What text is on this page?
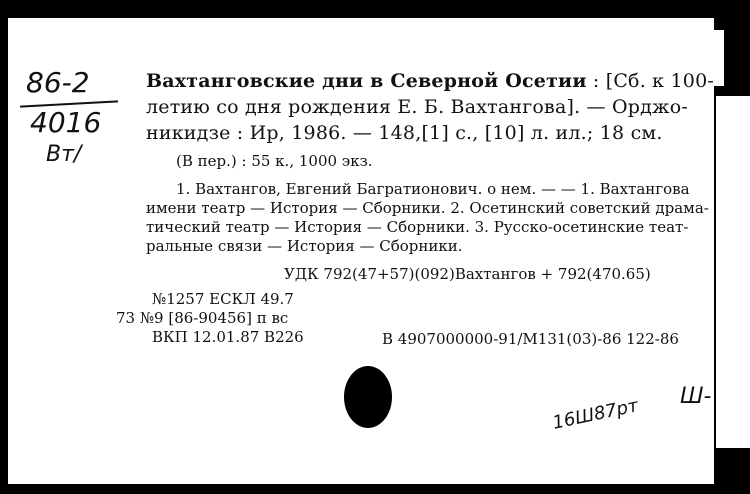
86-2
4016
Вт/
Вахтанговские дни в Северной Осетии : [Сб. к 100-
летию со дня рождения Е. Б. Вахтангова]. — Орджо-
никидзе : Ир, 1986. — 148,[1] с., [10] л. ил.; 18 см.
(В пер.) : 55 к., 1000 экз.
1. Вахтангов, Евгений Багратионович. о нем. — — 1. Вахтангова
имени театр — История — Сборники. 2. Осетинский советский драма-
тический театр — История — Сборники. 3. Русско-осетинские теат-
ральные связи — История — Сборники.
УДК 792(47+57)(092)Вахтангов + 792(470.65)
№1257 ЕСКЛ 49.7
73 №9 [86-90456] п вс
ВКП 12.01.87 В226	В 4907000000-91/М131(03)-86 122-86
16Ш87рт Ш-
